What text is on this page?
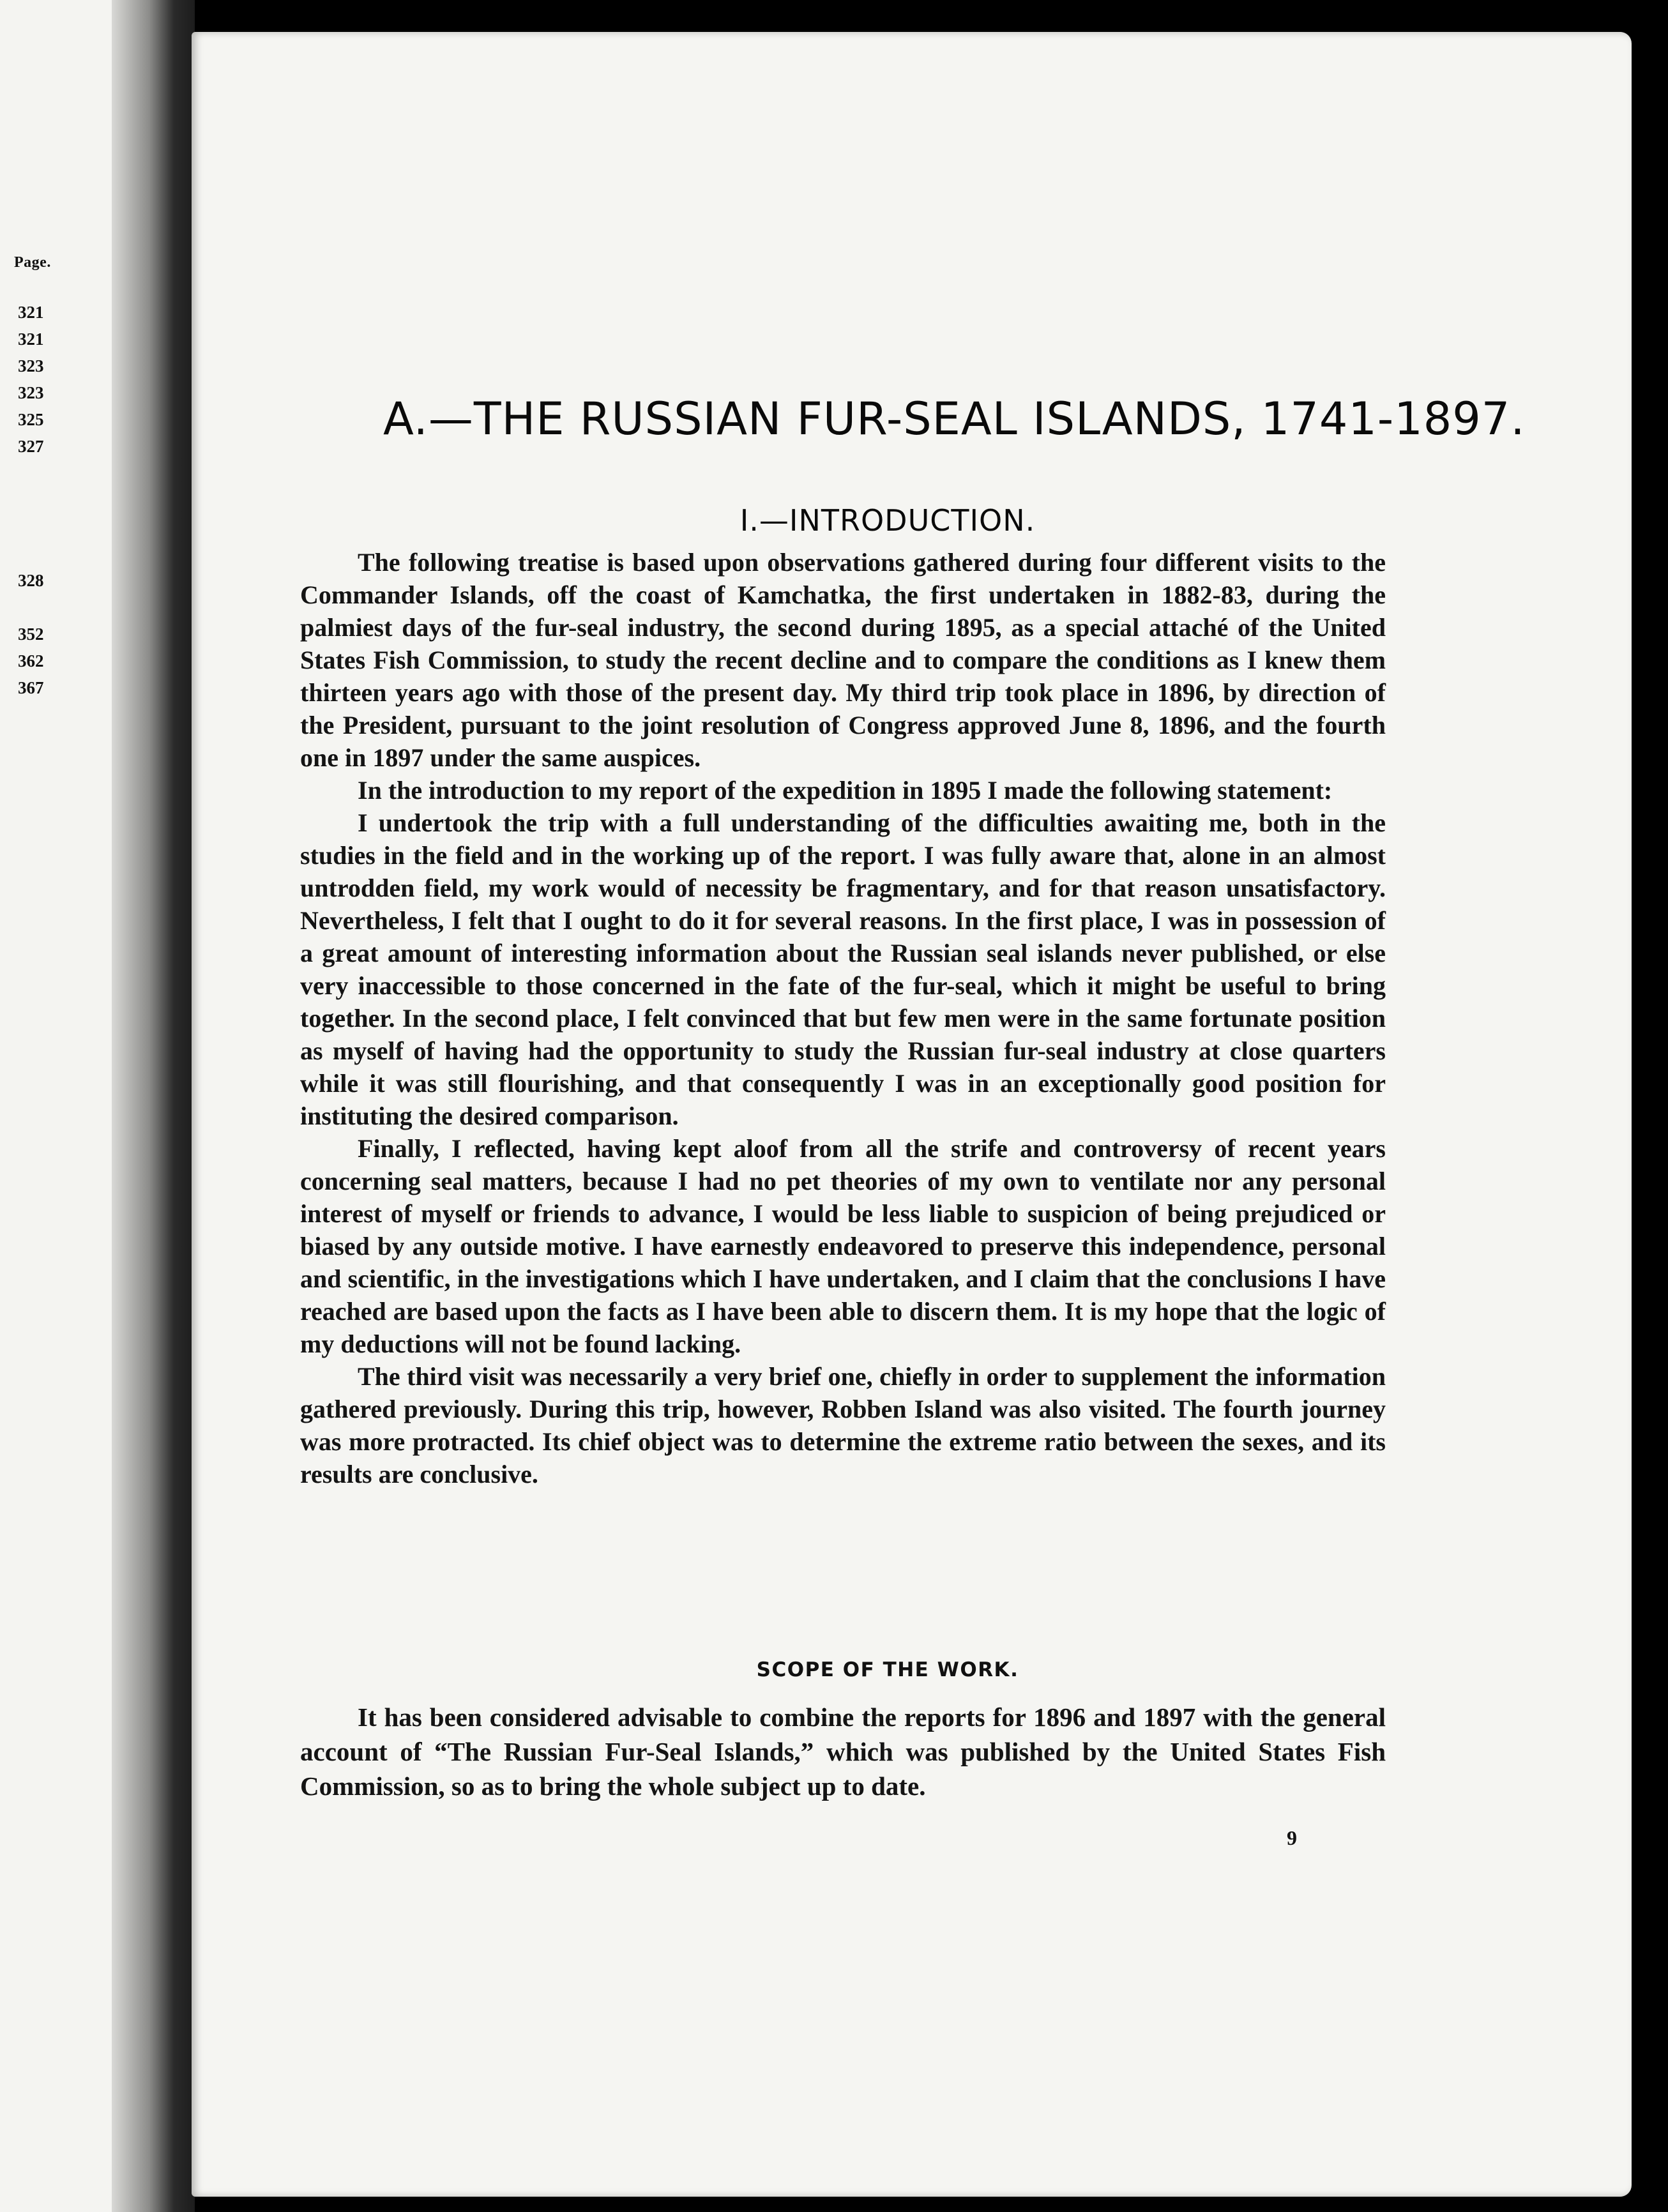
Page.
321
321
323
323
325
327
328
352
362
367
A.—THE RUSSIAN FUR-SEAL ISLANDS, 1741-1897.
I.—INTRODUCTION.

The following treatise is based upon observations gathered during four different visits to the Commander Islands, off the coast of Kamchatka, the first undertaken in 1882-83, during the palmiest days of the fur-seal industry, the second during 1895, as a special attaché of the United States Fish Commission, to study the recent decline and to compare the conditions as I knew them thirteen years ago with those of the present day. My third trip took place in 1896, by direction of the President, pursuant to the joint resolution of Congress approved June 8, 1896, and the fourth one in 1897 under the same auspices.

In the introduction to my report of the expedition in 1895 I made the following statement:

I undertook the trip with a full understanding of the difficulties awaiting me, both in the studies in the field and in the working up of the report. I was fully aware that, alone in an almost untrodden field, my work would of necessity be fragmentary, and for that reason unsatisfactory. Nevertheless, I felt that I ought to do it for several reasons. In the first place, I was in possession of a great amount of interesting information about the Russian seal islands never published, or else very inaccessible to those concerned in the fate of the fur-seal, which it might be useful to bring together. In the second place, I felt convinced that but few men were in the same fortunate position as myself of having had the opportunity to study the Russian fur-seal industry at close quarters while it was still flourishing, and that consequently I was in an exceptionally good position for instituting the desired comparison.

Finally, I reflected, having kept aloof from all the strife and controversy of recent years concerning seal matters, because I had no pet theories of my own to ventilate nor any personal interest of myself or friends to advance, I would be less liable to suspicion of being prejudiced or biased by any outside motive. I have earnestly endeavored to preserve this independence, personal and scientific, in the investigations which I have undertaken, and I claim that the conclusions I have reached are based upon the facts as I have been able to discern them. It is my hope that the logic of my deductions will not be found lacking.

The third visit was necessarily a very brief one, chiefly in order to supplement the information gathered previously. During this trip, however, Robben Island was also visited. The fourth journey was more protracted. Its chief object was to determine the extreme ratio between the sexes, and its results are conclusive.

SCOPE OF THE WORK.

It has been considered advisable to combine the reports for 1896 and 1897 with the general account of “The Russian Fur-Seal Islands,” which was published by the United States Fish Commission, so as to bring the whole subject up to date.

9
